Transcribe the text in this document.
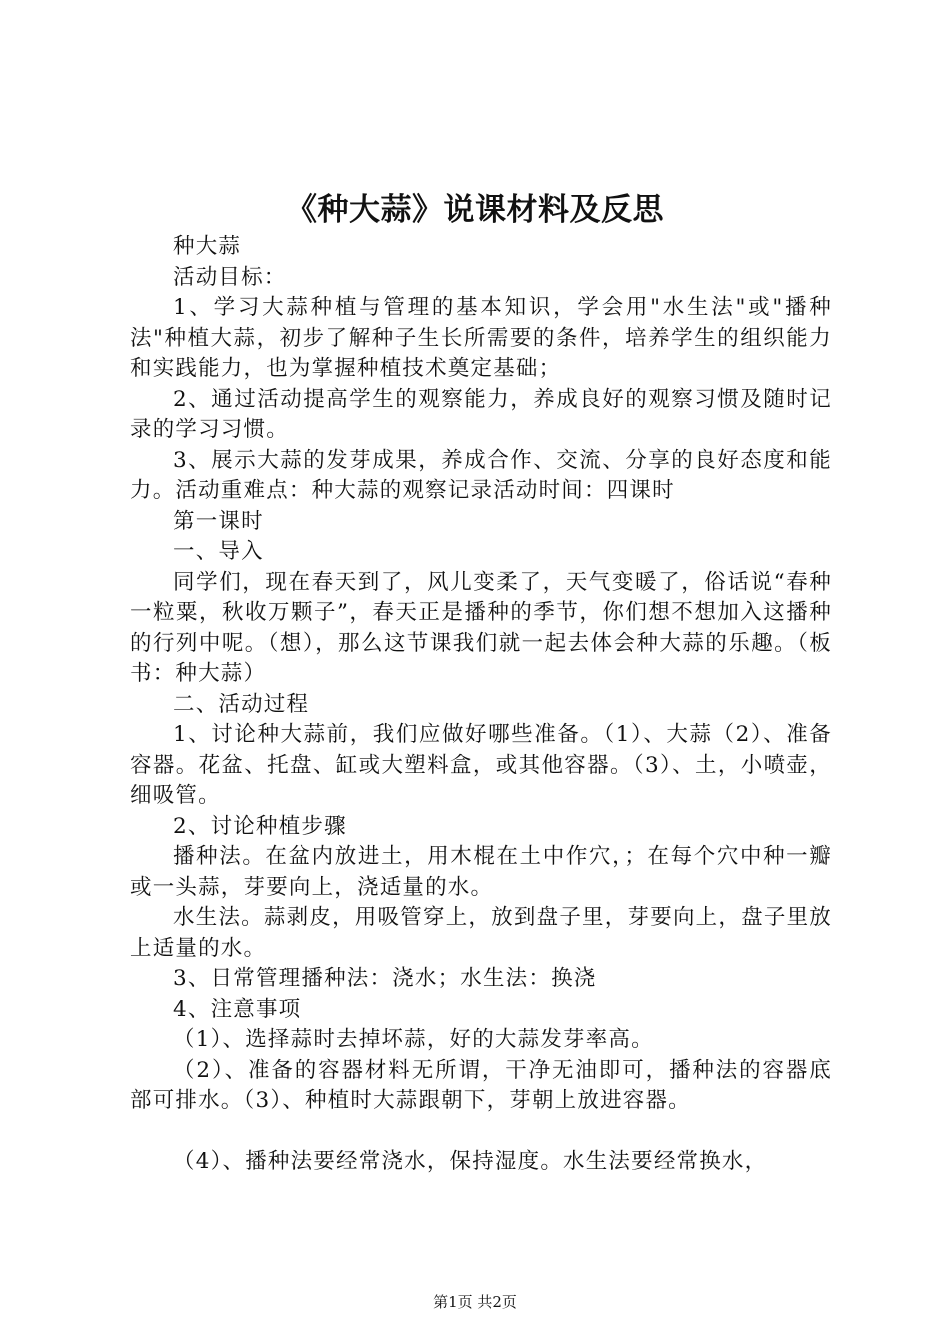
《种大蒜》说课材料及反思

种大蒜

活动目标：

1、学习大蒜种植与管理的基本知识，学会用"水生法"或"播种法"种植大蒜，初步了解种子生长所需要的条件，培养学生的组织能力和实践能力，也为掌握种植技术奠定基础；

2、通过活动提高学生的观察能力，养成良好的观察习惯及随时记录的学习习惯。

3、展示大蒜的发芽成果，养成合作、交流、分享的良好态度和能力。活动重难点：种大蒜的观察记录活动时间：四课时

第一课时

一、导入

同学们，现在春天到了，风儿变柔了，天气变暖了，俗话说“春种一粒粟，秋收万颗子”，春天正是播种的季节，你们想不想加入这播种的行列中呢。（想），那么这节课我们就一起去体会种大蒜的乐趣。（板书：种大蒜）

二、活动过程

1、讨论种大蒜前，我们应做好哪些准备。（1）、大蒜（2）、准备容器。花盆、托盘、缸或大塑料盒，或其他容器。（3）、土，小喷壶，细吸管。

2、讨论种植步骤

播种法。在盆内放进土，用木棍在土中作穴，；在每个穴中种一瓣或一头蒜，芽要向上，浇适量的水。

水生法。蒜剥皮，用吸管穿上，放到盘子里，芽要向上，盘子里放上适量的水。

3、日常管理播种法：浇水；水生法：换浇

4、注意事项

（1）、选择蒜时去掉坏蒜，好的大蒜发芽率高。

（2）、准备的容器材料无所谓，干净无油即可，播种法的容器底部可排水。（3）、种植时大蒜跟朝下，芽朝上放进容器。

（4）、播种法要经常浇水，保持湿度。水生法要经常换水，

第1页 共2页
